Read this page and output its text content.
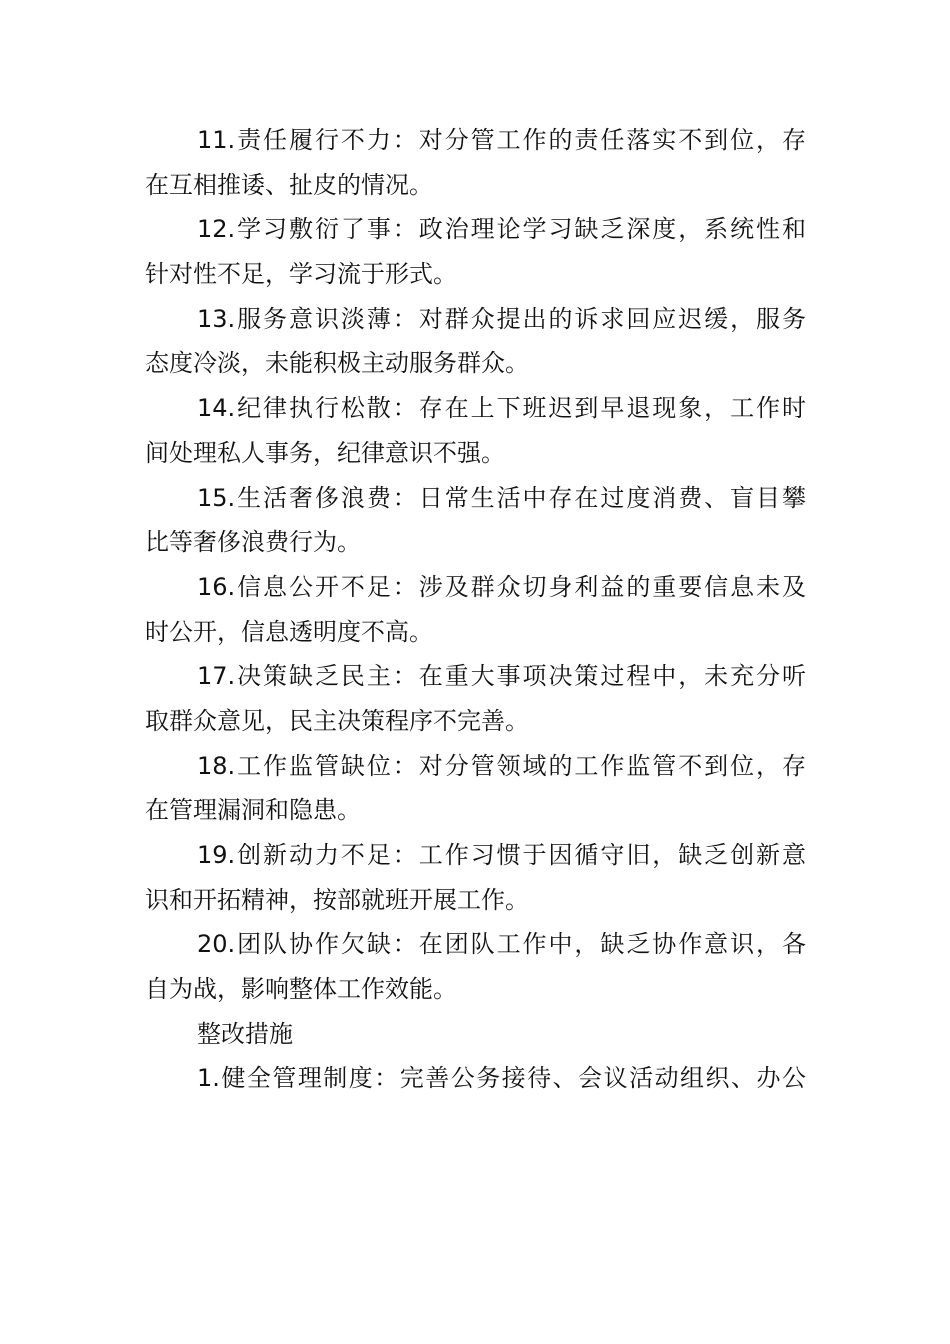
11.责任履行不力：对分管工作的责任落实不到位，存
在互相推诿、扯皮的情况。
12.学习敷衍了事：政治理论学习缺乏深度，系统性和
针对性不足，学习流于形式。
13.服务意识淡薄：对群众提出的诉求回应迟缓，服务
态度冷淡，未能积极主动服务群众。
14.纪律执行松散：存在上下班迟到早退现象，工作时
间处理私人事务，纪律意识不强。
15.生活奢侈浪费：日常生活中存在过度消费、盲目攀
比等奢侈浪费行为。
16.信息公开不足：涉及群众切身利益的重要信息未及
时公开，信息透明度不高。
17.决策缺乏民主：在重大事项决策过程中，未充分听
取群众意见，民主决策程序不完善。
18.工作监管缺位：对分管领域的工作监管不到位，存
在管理漏洞和隐患。
19.创新动力不足：工作习惯于因循守旧，缺乏创新意
识和开拓精神，按部就班开展工作。
20.团队协作欠缺：在团队工作中，缺乏协作意识，各
自为战，影响整体工作效能。
整改措施
1.健全管理制度：完善公务接待、会议活动组织、办公
